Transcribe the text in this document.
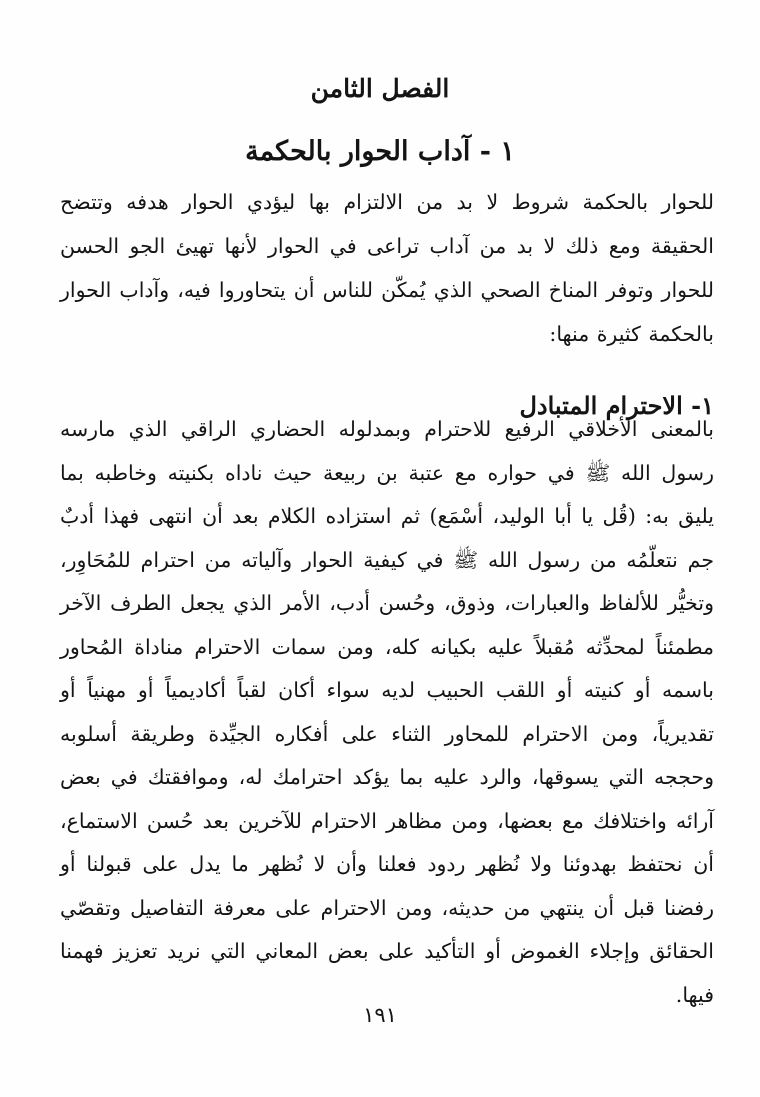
الفصل الثامن
١ - آداب الحوار بالحكمة

للحوار بالحكمة شروط لا بد من الالتزام بها ليؤدي الحوار هدفه وتتضح الحقيقة ومع ذلك لا بد من آداب تراعى في الحوار لأنها تهيئ الجو الحسن للحوار وتوفر المناخ الصحي الذي يُمكّن للناس أن يتحاوروا فيه، وآداب الحوار بالحكمة كثيرة منها:

١- الاحترام المتبادل

بالمعنى الأخلاقي الرفيع للاحترام وبمدلوله الحضاري الراقي الذي مارسه رسول الله ﷺ في حواره مع عتبة بن ربيعة حيث ناداه بكنيته وخاطبه بما يليق به: (قُل يا أبا الوليد، أسْمَع) ثم استزاده الكلام بعد أن انتهى فهذا أدبٌ جم نتعلّمُه من رسول الله ﷺ في كيفية الحوار وآلياته من احترام للمُحَاوِر، وتخيُّر للألفاظ والعبارات، وذوق، وحُسن أدب، الأمر الذي يجعل الطرف الآخر مطمئناً لمحدِّثه مُقبلاً عليه بكيانه كله، ومن سمات الاحترام مناداة المُحاور باسمه أو كنيته أو اللقب الحبيب لديه سواء أكان لقباً أكاديمياً أو مهنياً أو تقديرياً، ومن الاحترام للمحاور الثناء على أفكاره الجيِّدة وطريقة أسلوبه وحججه التي يسوقها، والرد عليه بما يؤكد احترامك له، وموافقتك في بعض آرائه واختلافك مع بعضها، ومن مظاهر الاحترام للآخرين بعد حُسن الاستماع، أن نحتفظ بهدوئنا ولا نُظهر ردود فعلنا وأن لا نُظهر ما يدل على قبولنا أو رفضنا قبل أن ينتهي من حديثه، ومن الاحترام على معرفة التفاصيل وتقصّي الحقائق وإجلاء الغموض أو التأكيد على بعض المعاني التي نريد تعزيز فهمنا فيها.

١٩١
